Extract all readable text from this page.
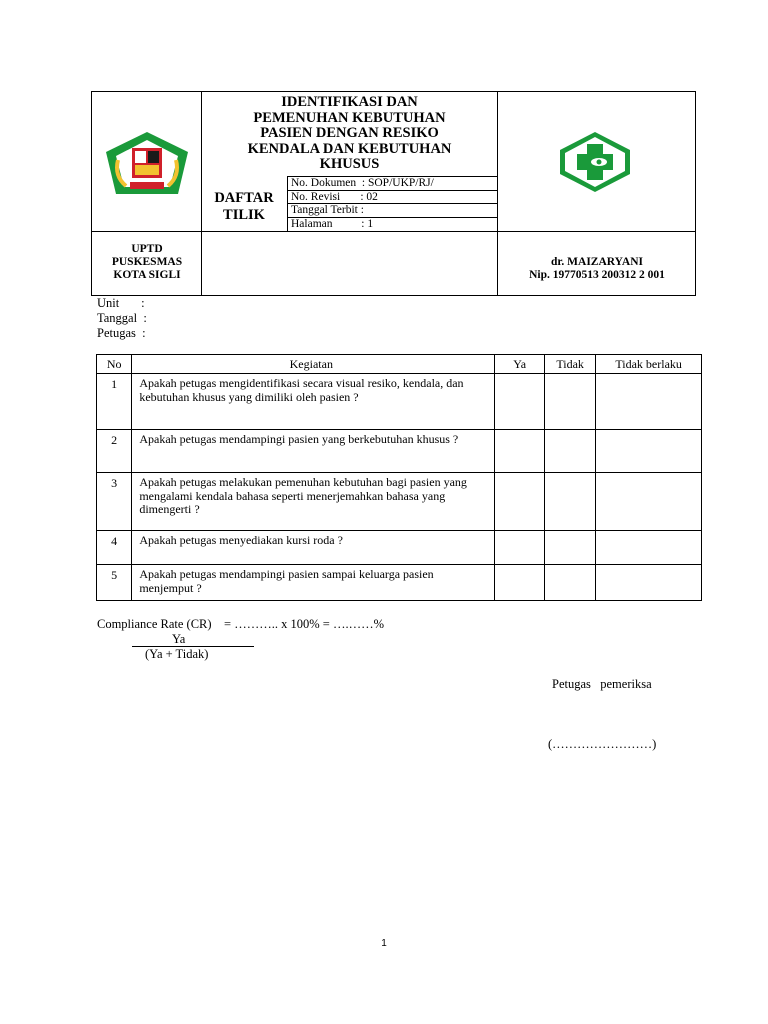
IDENTIFIKASI DAN
PEMENUHAN KEBUTUHAN
PASIEN DENGAN RESIKO
KENDALA DAN KEBUTUHAN
KHUSUS
DAFTAR
TILIK
No. Dokumen  : SOP/UKP/RJ/
No. Revisi       : 02
Tanggal Terbit :
Halaman          : 1
UPTD
PUSKESMAS
KOTA SIGLI
dr. MAIZARYANI
Nip. 19770513 200312 2 001
Unit       :
Tanggal  :
Petugas  :
No	Kegiatan	Ya	Tidak	Tidak berlaku
1	Apakah petugas mengidentifikasi secara visual resiko, kendala, dan kebutuhan khusus yang dimiliki oleh pasien ?			
2	Apakah petugas mendampingi pasien yang berkebutuhan khusus ?			
3	Apakah petugas melakukan pemenuhan kebutuhan bagi pasien yang mengalami kendala bahasa seperti menerjemahkan bahasa yang dimengerti ?			
4	Apakah petugas menyediakan kursi roda ?			
5	Apakah petugas mendampingi pasien sampai keluarga pasien menjemput ?			
Compliance Rate (CR)    = ……….. x 100% = ….……%
Ya
(Ya + Tidak)
Petugas   pemeriksa
(……………………)
1
